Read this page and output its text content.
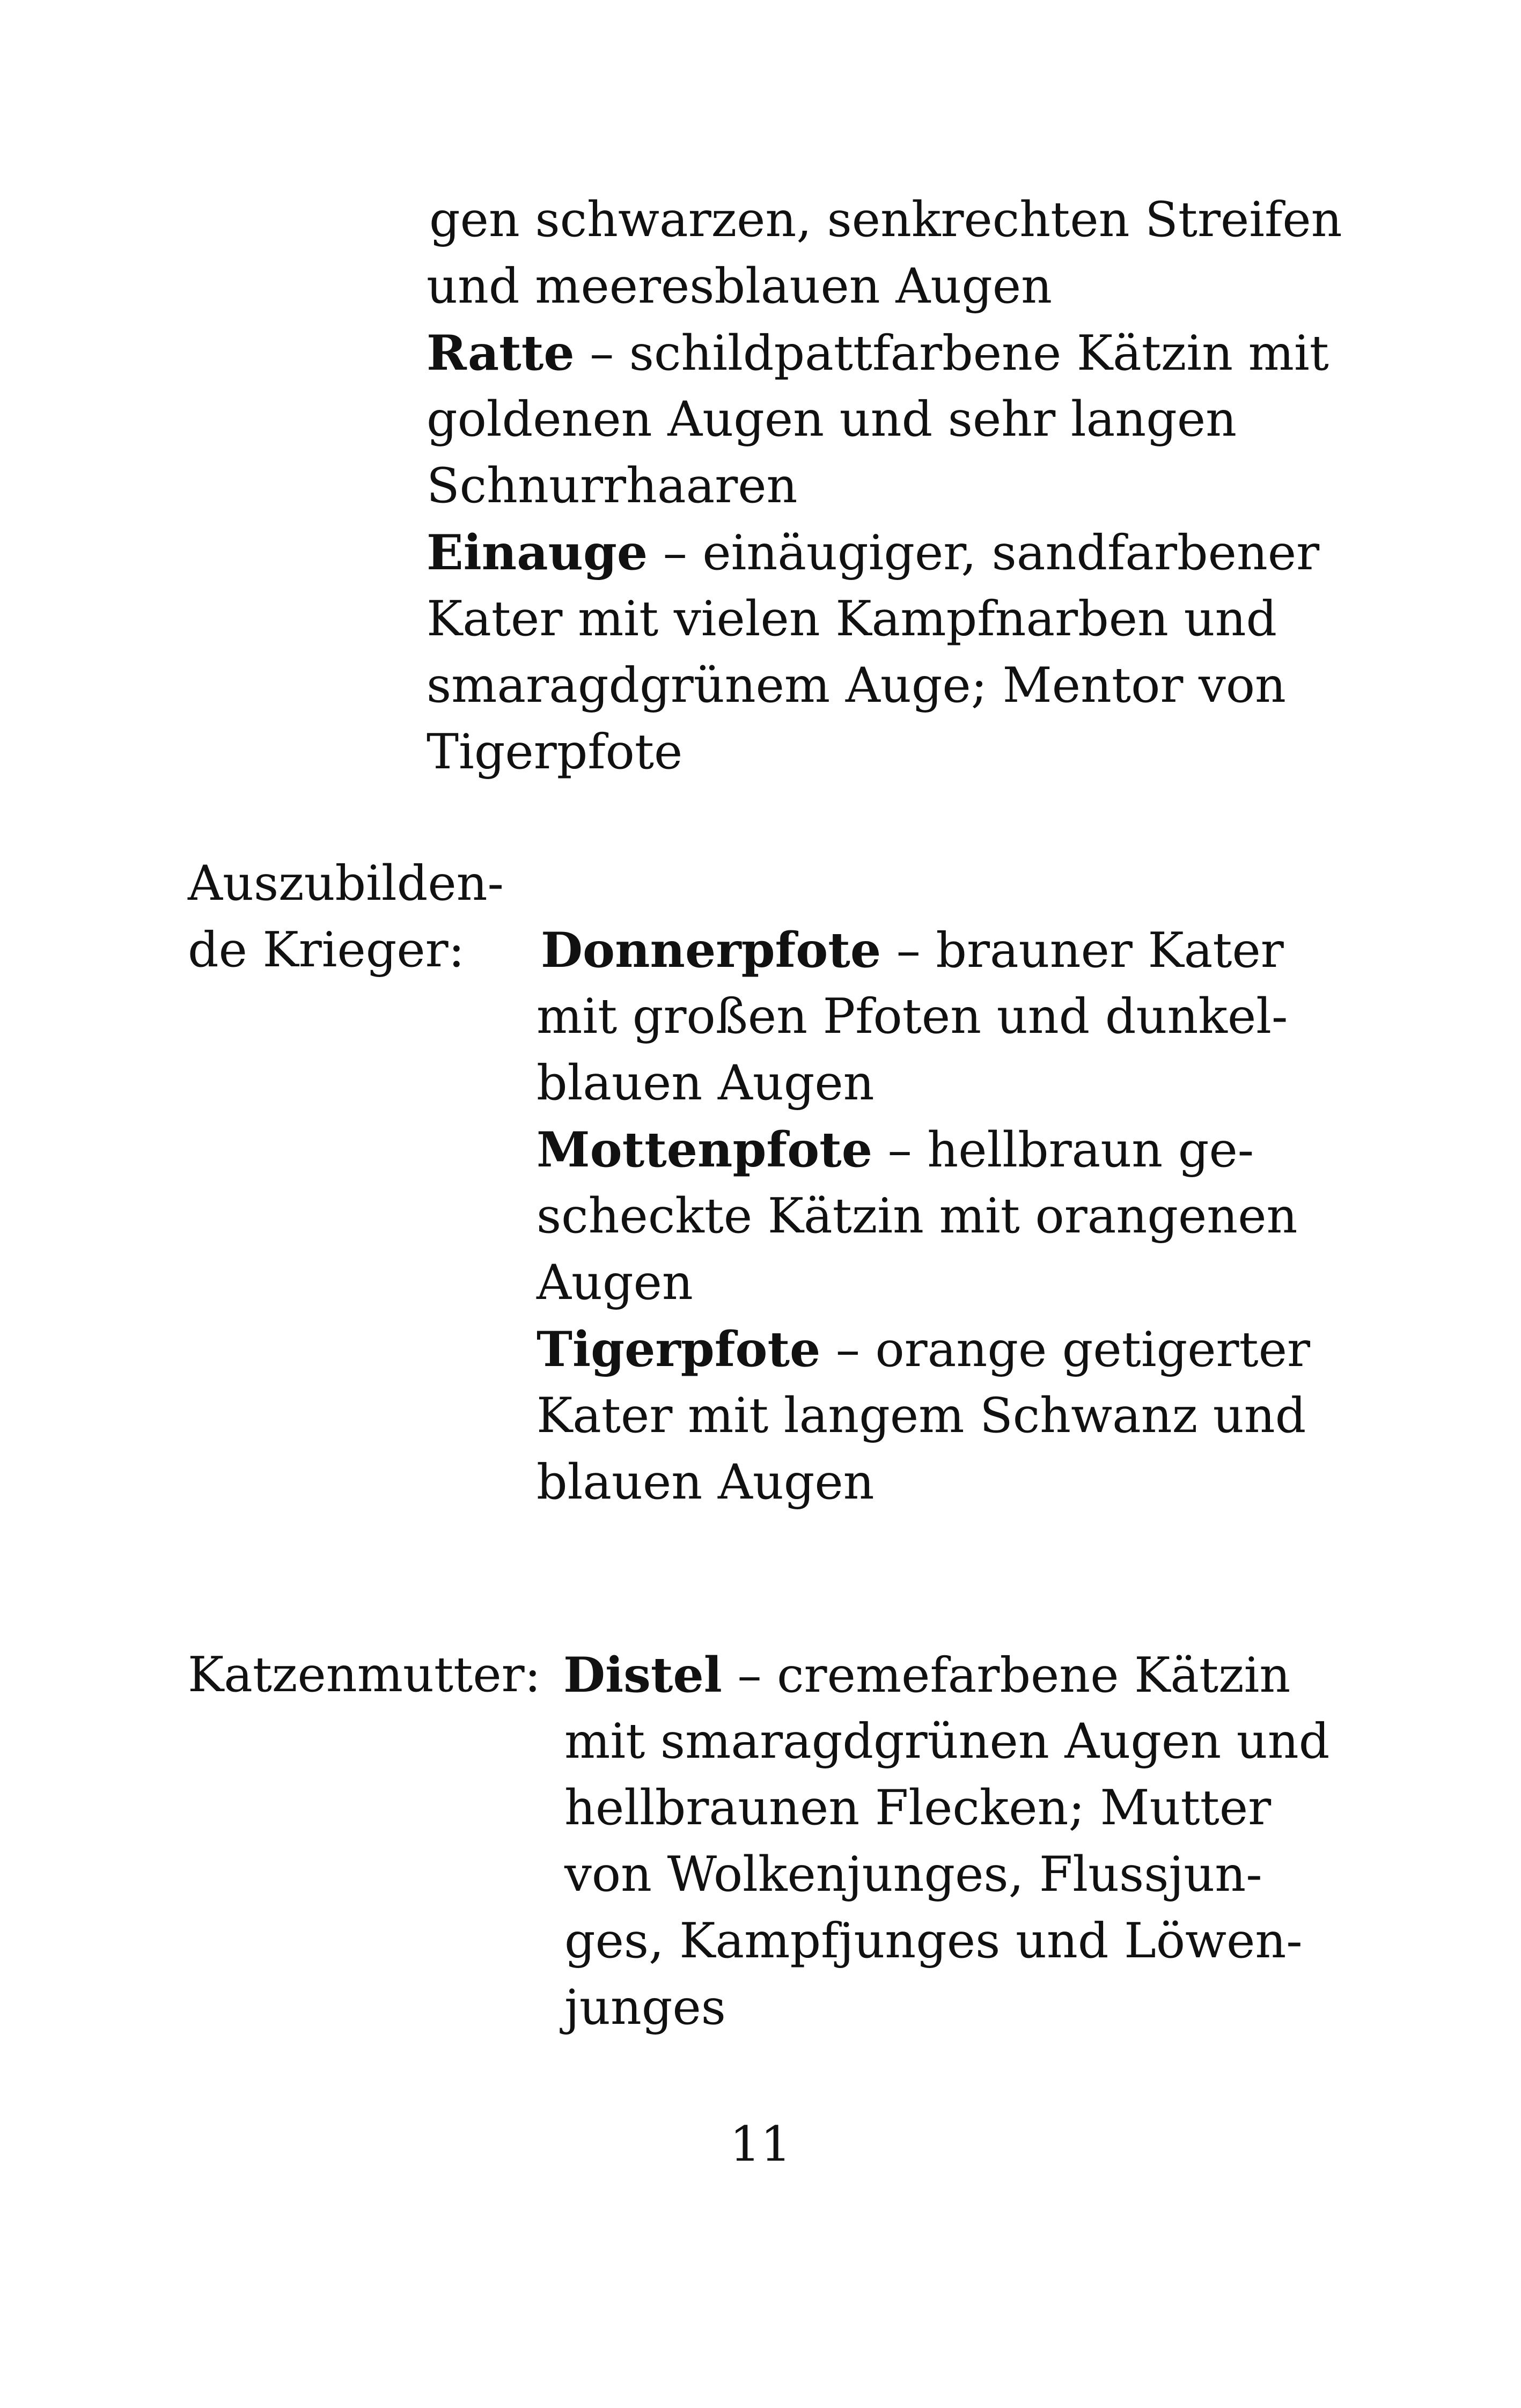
gen schwarzen, senkrechten Streifen
und meeresblauen Augen
Ratte – schildpattfarbene Kätzin mit
goldenen Augen und sehr langen
Schnurrhaaren
Einauge – einäugiger, sandfarbener
Kater mit vielen Kampfnarben und
smaragdgrünem Auge; Mentor von
Tigerpfote
Auszubilden-
de Krieger: Donnerpfote – brauner Kater
mit großen Pfoten und dunkel-
blauen Augen
Mottenpfote – hellbraun ge-
scheckte Kätzin mit orangenen
Augen
Tigerpfote – orange getigerter
Kater mit langem Schwanz und
blauen Augen
Katzenmutter: Distel – cremefarbene Kätzin
mit smaragdgrünen Augen und
hellbraunen Flecken; Mutter
von Wolkenjunges, Flussjun-
ges, Kampfjunges und Löwen-
junges
11
